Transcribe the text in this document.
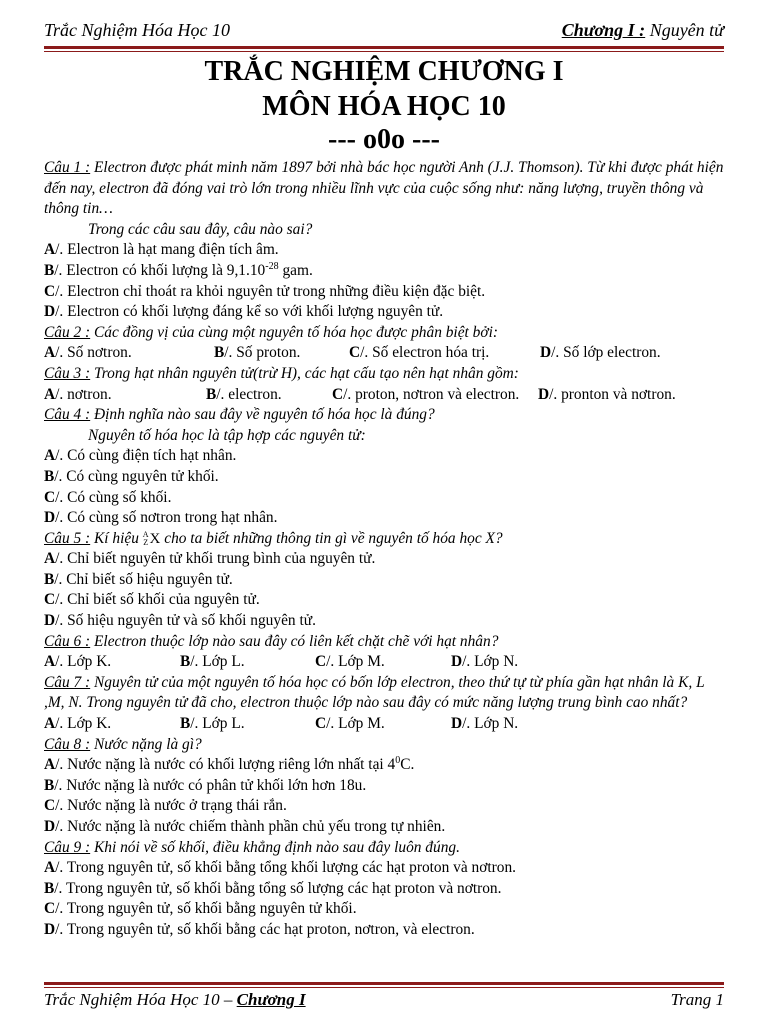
Trắc Nghiệm Hóa Học 10	Chương I : Nguyên tử
TRẮC NGHIỆM CHƯƠNG I
MÔN HÓA HỌC 10
--- o0o ---
Câu 1 : Electron được phát minh năm 1897 bởi nhà bác học người Anh (J.J. Thomson). Từ khi được phát hiện đến nay, electron đã đóng vai trò lớn trong nhiều lĩnh vực của cuộc sống như: năng lượng, truyền thông và thông tin…
Trong các câu sau đây, câu nào sai?
A/. Electron là hạt mang điện tích âm.
B/. Electron có khối lượng là $9,1.10^{-28}$ gam.
C/. Electron chỉ thoát ra khỏi nguyên tử trong những điều kiện đặc biệt.
D/. Electron có khối lượng đáng kể so với khối lượng nguyên tử.
Câu 2 : Các đồng vị của cùng một nguyên tố hóa học được phân biệt bởi:
A/. Số nơtron.	B/. Số proton.	C/. Số electron hóa trị.	D/. Số lớp electron.
Câu 3 : Trong hạt nhân nguyên tử(trừ H), các hạt cấu tạo nên hạt nhân gồm:
A/. nơtron.	B/. electron.	C/. proton, nơtron và electron.	D/. pronton và nơtron.
Câu 4 : Định nghĩa nào sau đây về nguyên tố hóa học là đúng?
Nguyên tố hóa học là tập hợp các nguyên tử:
A/. Có cùng điện tích hạt nhân.
B/. Có cùng nguyên tử khối.
C/. Có cùng số khối.
D/. Có cùng số nơtron trong hạt nhân.
Câu 5 : Kí hiệu A
ZX cho ta biết những thông tin gì về nguyên tố hóa học X?
A/. Chỉ biết nguyên tử khối trung bình của nguyên tử.
B/. Chỉ biết số hiệu nguyên tử.
C/. Chỉ biết số khối của nguyên tử.
D/. Số hiệu nguyên tử và số khối nguyên tử.
Câu 6 : Electron thuộc lớp nào sau đây có liên kết chặt chẽ với hạt nhân?
A/. Lớp K.	B/. Lớp L.	C/. Lớp M.	D/. Lớp N.
Câu 7 : Nguyên tử của một nguyên tố hóa học có bốn lớp electron, theo thứ tự từ phía gần hạt nhân là K, L ,M, N. Trong nguyên tử đã cho, electron thuộc lớp nào sau đây có mức năng lượng trung bình cao nhất?
A/. Lớp K.	B/. Lớp L.	C/. Lớp M.	D/. Lớp N.
Câu 8 : Nước nặng là gì?
A/. Nước nặng là nước có khối lượng riêng lớn nhất tại $4^0C$.
B/. Nước nặng là nước có phân tử khối lớn hơn 18u.
C/. Nước nặng là nước ở trạng thái rắn.
D/. Nước nặng là nước chiếm thành phần chủ yếu trong tự nhiên.
Câu 9 : Khi nói về số khối, điều khẳng định nào sau đây luôn đúng.
A/. Trong nguyên tử, số khối bằng tổng khối lượng các hạt proton và nơtron.
B/. Trong nguyên tử, số khối bằng tổng số lượng các hạt proton và nơtron.
C/. Trong nguyên tử, số khối bằng nguyên tử khối.
D/. Trong nguyên tử, số khối bằng các hạt proton, nơtron, và electron.
Trắc Nghiệm Hóa Học 10 – Chương I	Trang 1
